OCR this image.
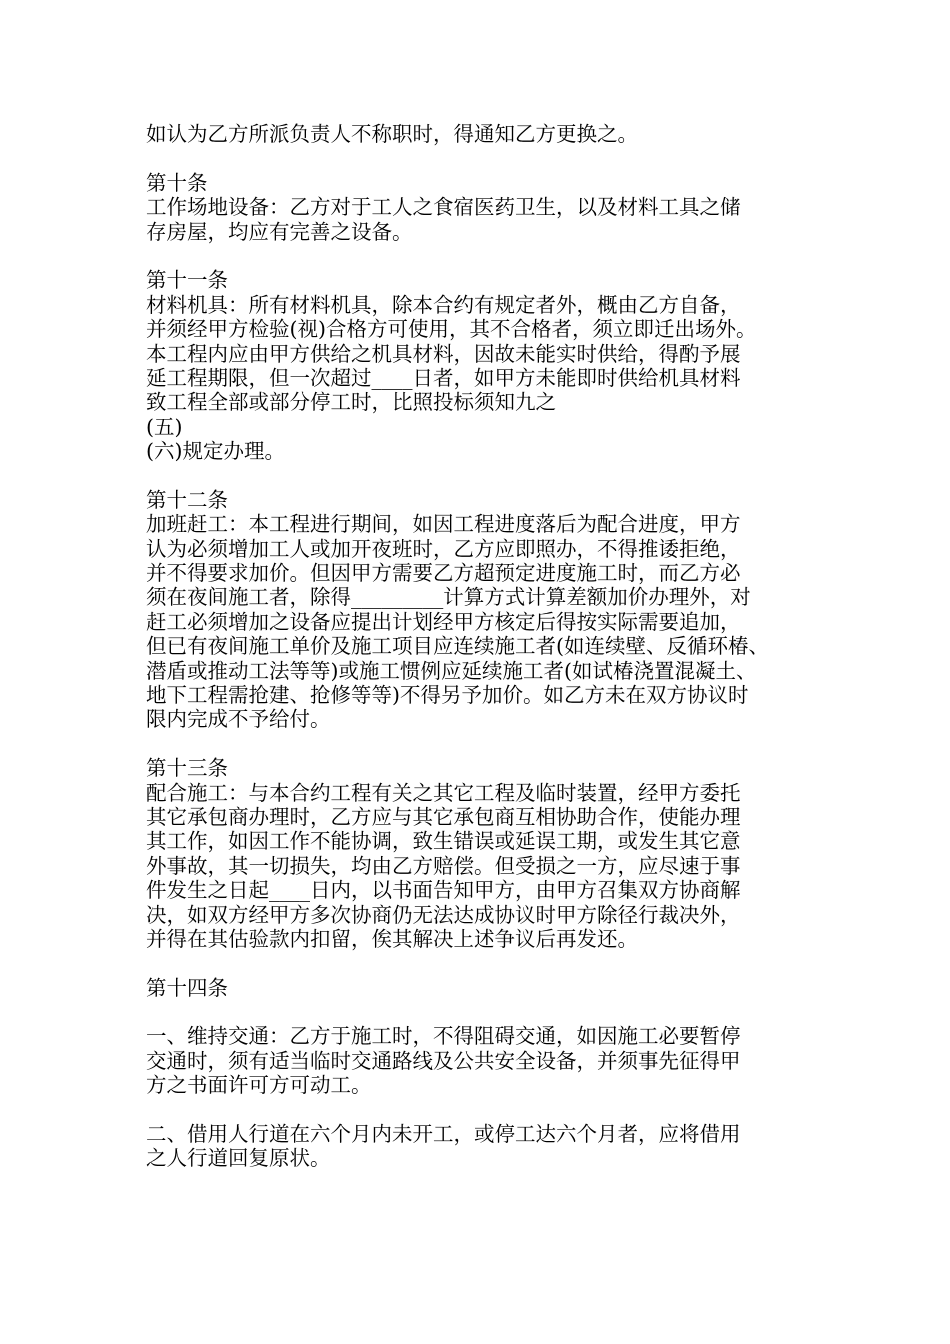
如认为乙方所派负责人不称职时，得通知乙方更换之。
第十条
工作场地设备：乙方对于工人之食宿医药卫生，以及材料工具之储
存房屋，均应有完善之设备。
第十一条
材料机具：所有材料机具，除本合约有规定者外，概由乙方自备，
并须经甲方检验(视)合格方可使用，其不合格者，须立即迁出场外。
本工程内应由甲方供给之机具材料，因故未能实时供给，得酌予展
延工程期限，但一次超过____日者，如甲方未能即时供给机具材料
致工程全部或部分停工时，比照投标须知九之
(五)
(六)规定办理。
第十二条
加班赶工：本工程进行期间，如因工程进度落后为配合进度，甲方
认为必须增加工人或加开夜班时，乙方应即照办，不得推诿拒绝，
并不得要求加价。但因甲方需要乙方超预定进度施工时，而乙方必
须在夜间施工者，除得_________计算方式计算差额加价办理外，对
赶工必须增加之设备应提出计划经甲方核定后得按实际需要追加，
但已有夜间施工单价及施工项目应连续施工者(如连续壁、反循环椿、
潜盾或推动工法等等)或施工惯例应延续施工者(如试椿浇置混凝土、
地下工程需抢建、抢修等等)不得另予加价。如乙方未在双方协议时
限内完成不予给付。
第十三条
配合施工：与本合约工程有关之其它工程及临时装置，经甲方委托
其它承包商办理时，乙方应与其它承包商互相协助合作，使能办理
其工作，如因工作不能协调，致生错误或延误工期，或发生其它意
外事故，其一切损失，均由乙方赔偿。但受损之一方，应尽速于事
件发生之日起____日内，以书面告知甲方，由甲方召集双方协商解
决，如双方经甲方多次协商仍无法达成协议时甲方除径行裁决外，
并得在其估验款内扣留，俟其解决上述争议后再发还。
第十四条
一、维持交通：乙方于施工时，不得阻碍交通，如因施工必要暂停
交通时，须有适当临时交通路线及公共安全设备，并须事先征得甲
方之书面许可方可动工。
二、借用人行道在六个月内未开工，或停工达六个月者，应将借用
之人行道回复原状。
